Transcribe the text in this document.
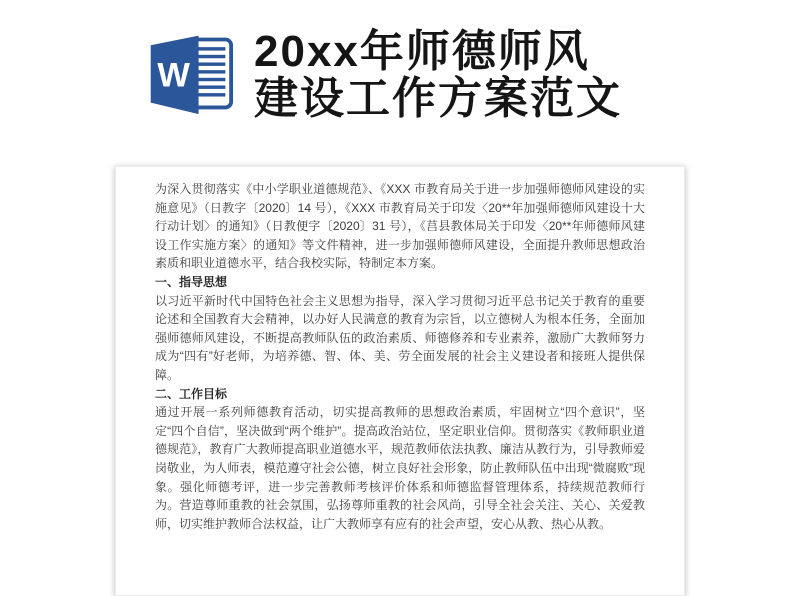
W 20xx年师德师风
建设工作方案范文

为深入贯彻落实《中小学职业道德规范》、《XXX 市教育局关于进一步加强师德师风建设的实施意见》（日教字〔2020〕14 号），《XXX 市教育局关于印发〈20**年加强师德师风建设十大行动计划〉的通知》（日教便字〔2020〕31 号），《莒县教体局关于印发〈20**年师德师风建设工作实施方案〉的通知》等文件精神，进一步加强师德师风建设，全面提升教师思想政治素质和职业道德水平，结合我校实际，特制定本方案。

一、指导思想

以习近平新时代中国特色社会主义思想为指导，深入学习贯彻习近平总书记关于教育的重要论述和全国教育大会精神，以办好人民满意的教育为宗旨，以立德树人为根本任务，全面加强师德师风建设，不断提高教师队伍的政治素质、师德修养和专业素养，激励广大教师努力成为“四有”好老师，为培养德、智、体、美、劳全面发展的社会主义建设者和接班人提供保障。

二、工作目标

通过开展一系列师德教育活动，切实提高教师的思想政治素质，牢固树立“四个意识”，坚定“四个自信”，坚决做到“两个维护”。提高政治站位，坚定职业信仰。贯彻落实《教师职业道德规范》，教育广大教师提高职业道德水平，规范教师依法执教、廉洁从教行为，引导教师爱岗敬业，为人师表，模范遵守社会公德，树立良好社会形象，防止教师队伍中出现“微腐败”现象。强化师德考评，进一步完善教师考核评价体系和师德监督管理体系，持续规范教师行为。营造尊师重教的社会氛围，弘扬尊师重教的社会风尚，引导全社会关注、关心、关爱教师，切实维护教师合法权益，让广大教师享有应有的社会声望，安心从教、热心从教。
